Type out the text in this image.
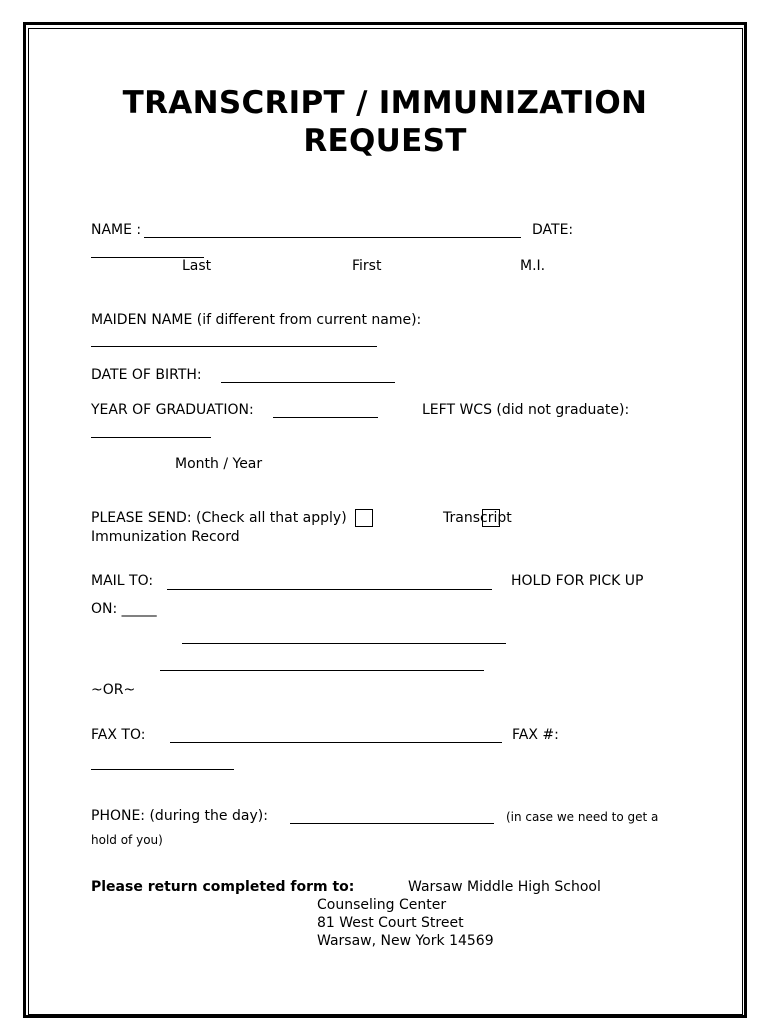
TRANSCRIPT / IMMUNIZATION
REQUEST
NAME :	DATE:
Last	First	M.I.
MAIDEN NAME (if different from current name):
DATE OF BIRTH:
YEAR OF GRADUATION:	LEFT WCS (did not graduate):
Month / Year
PLEASE SEND: (Check all that apply)	Transcript
Immunization Record
MAIL TO:	HOLD FOR PICK UP
ON: _____
~OR~
FAX TO:	FAX #:
PHONE: (during the day):	(in case we need to get a
hold of you)
Please return completed form to:	Warsaw Middle High School
Counseling Center
81 West Court Street
Warsaw, New York 14569
